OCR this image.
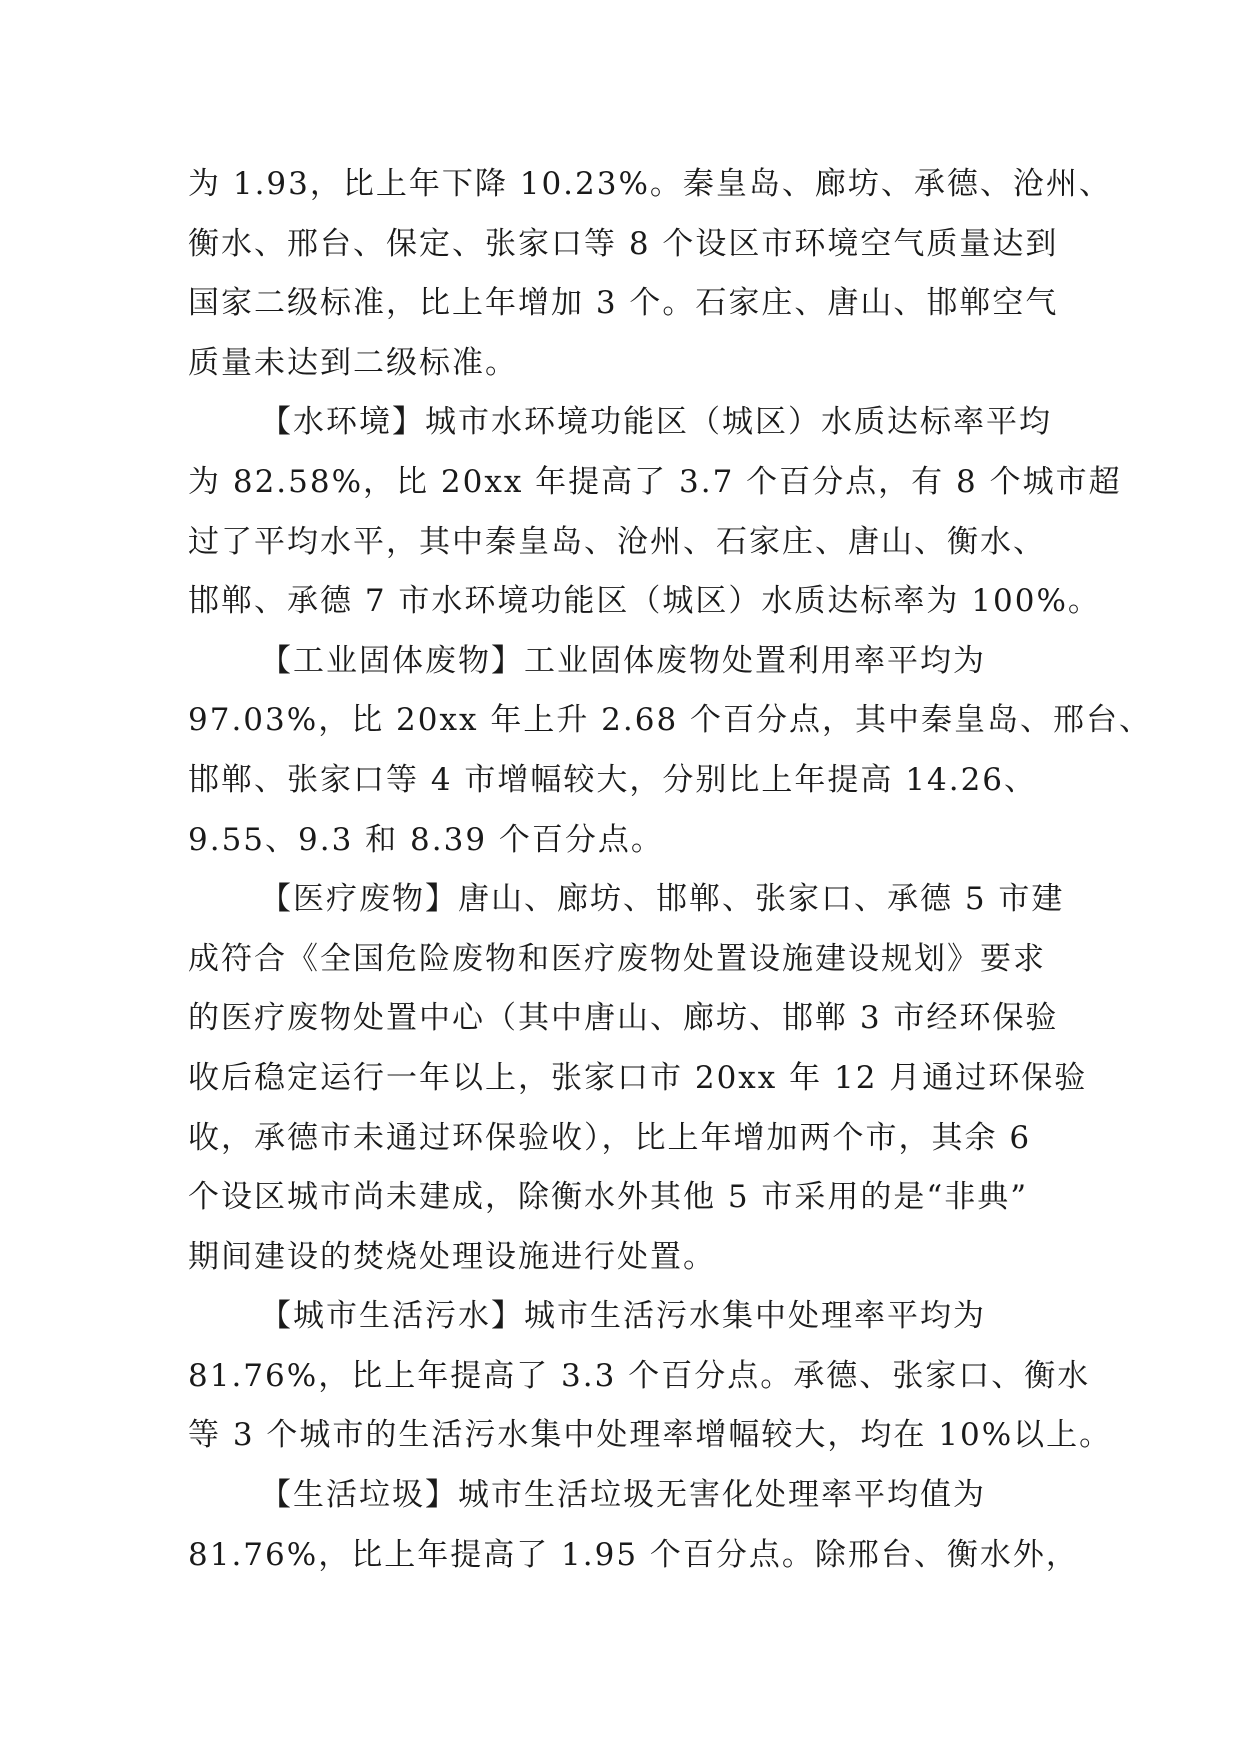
为 1.93，比上年下降 10.23%。秦皇岛、廊坊、承德、沧州、
衡水、邢台、保定、张家口等 8 个设区市环境空气质量达到
国家二级标准，比上年增加 3 个。石家庄、唐山、邯郸空气
质量未达到二级标准。
【水环境】城市水环境功能区（城区）水质达标率平均
为 82.58%，比 20xx 年提高了 3.7 个百分点，有 8 个城市超
过了平均水平，其中秦皇岛、沧州、石家庄、唐山、衡水、
邯郸、承德 7 市水环境功能区（城区）水质达标率为 100%。
【工业固体废物】工业固体废物处置利用率平均为
97.03%，比 20xx 年上升 2.68 个百分点，其中秦皇岛、邢台、
邯郸、张家口等 4 市增幅较大，分别比上年提高 14.26、
9.55、9.3 和 8.39 个百分点。
【医疗废物】唐山、廊坊、邯郸、张家口、承德 5 市建
成符合《全国危险废物和医疗废物处置设施建设规划》要求
的医疗废物处置中心（其中唐山、廊坊、邯郸 3 市经环保验
收后稳定运行一年以上，张家口市 20xx 年 12 月通过环保验
收，承德市未通过环保验收），比上年增加两个市，其余 6
个设区城市尚未建成，除衡水外其他 5 市采用的是“非典”
期间建设的焚烧处理设施进行处置。
【城市生活污水】城市生活污水集中处理率平均为
81.76%，比上年提高了 3.3 个百分点。承德、张家口、衡水
等 3 个城市的生活污水集中处理率增幅较大，均在 10%以上。
【生活垃圾】城市生活垃圾无害化处理率平均值为
81.76%，比上年提高了 1.95 个百分点。除邢台、衡水外，
